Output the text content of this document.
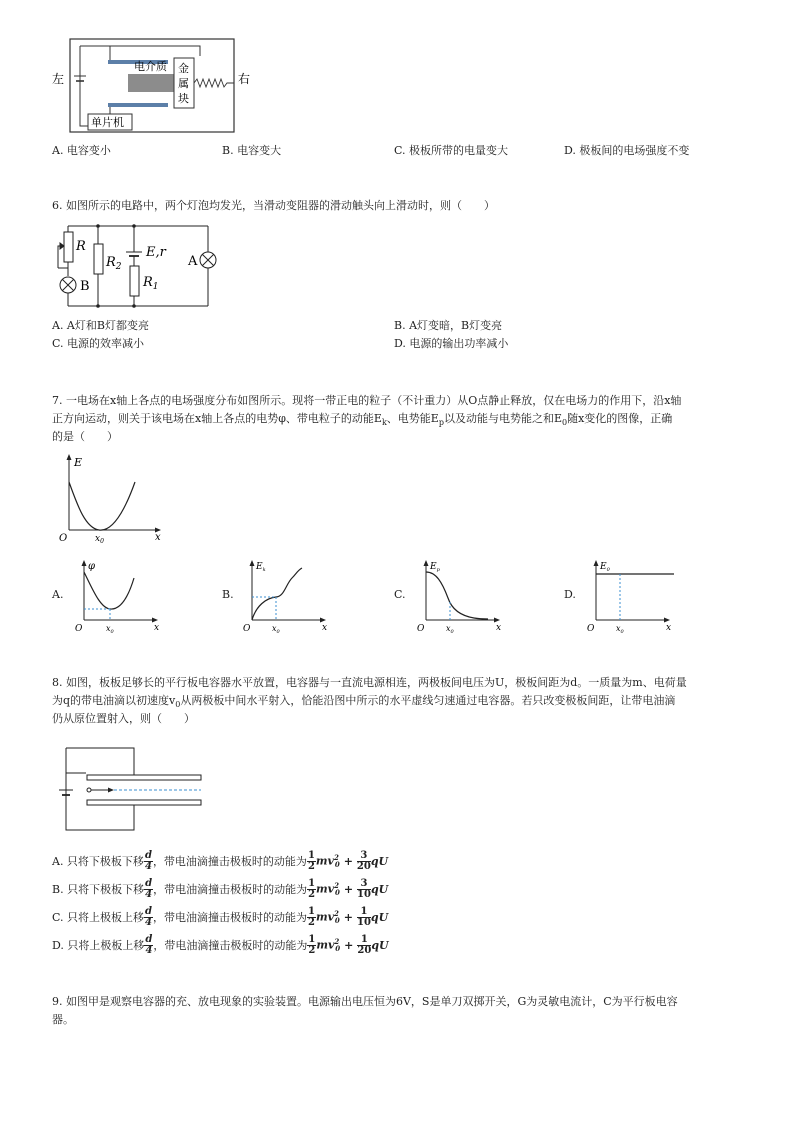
左	右
电介质
单片机
金
属
块
A. 电容变小	B. 电容变大	C. 极板所带的电量变大	D. 极板间的电场强度不变
6. 如图所示的电路中，两个灯泡均发光，当滑动变阻器的滑动触头向上滑动时，则（　　）
R
$R_2$
E,r
$R_1$
A
B
A. A灯和B灯都变亮	B. A灯变暗，B灯变亮
C. 电源的效率减小	D. 电源的输出功率减小
7. 一电场在x轴上各点的电场强度分布如图所示。现将一带正电的粒子（不计重力）从O点静止释放，仅在电场力的作用下，沿x轴
正方向运动，则关于该电场在x轴上各点的电势φ、带电粒子的动能$E_k$、电势能$E_p$以及动能与电势能之和$E_0$随x变化的图像，正确
的是（　　）
E
x
O	$x_0$
A.
φ
x
O	$x_0$
B.
$E_k$
x
O	$x_0$
C.
$E_p$
x
O	$x_0$
D.
$E_0$
x
O	$x_0$
8. 如图，板板足够长的平行板电容器水平放置，电容器与一直流电源相连，两极板间电压为U，极板间距为d。一质量为m、电荷量
为q的带电油滴以初速度$v_0$从两极板中间水平射入，恰能沿图中所示的水平虚线匀速通过电容器。若只改变极板间距，让带电油滴
仍从原位置射入，则（　　）
A. 只将下极板下移 $\frac{d}{4}$ ，带电油滴撞击极板时的动能为 $\frac{1}{2} mv^2_0 + \frac{3}{20}$ qU
B. 只将下极板下移 $\frac{d}{4}$ ，带电油滴撞击极板时的动能为 $\frac{1}{2} mv^2_0 + \frac{3}{10}$ qU
C. 只将上极板上移 $\frac{d}{4}$ ，带电油滴撞击极板时的动能为 $\frac{1}{2} mv^2_0 + \frac{1}{10}$ qU
D. 只将上极板上移 $\frac{d}{4}$ ，带电油滴撞击极板时的动能为 $\frac{1}{2} mv^2_0 + \frac{1}{20}$ qU
9. 如图甲是观察电容器的充、放电现象的实验装置。电源输出电压恒为6V，S是单刀双掷开关，G为灵敏电流计，C为平行板电容
器。
